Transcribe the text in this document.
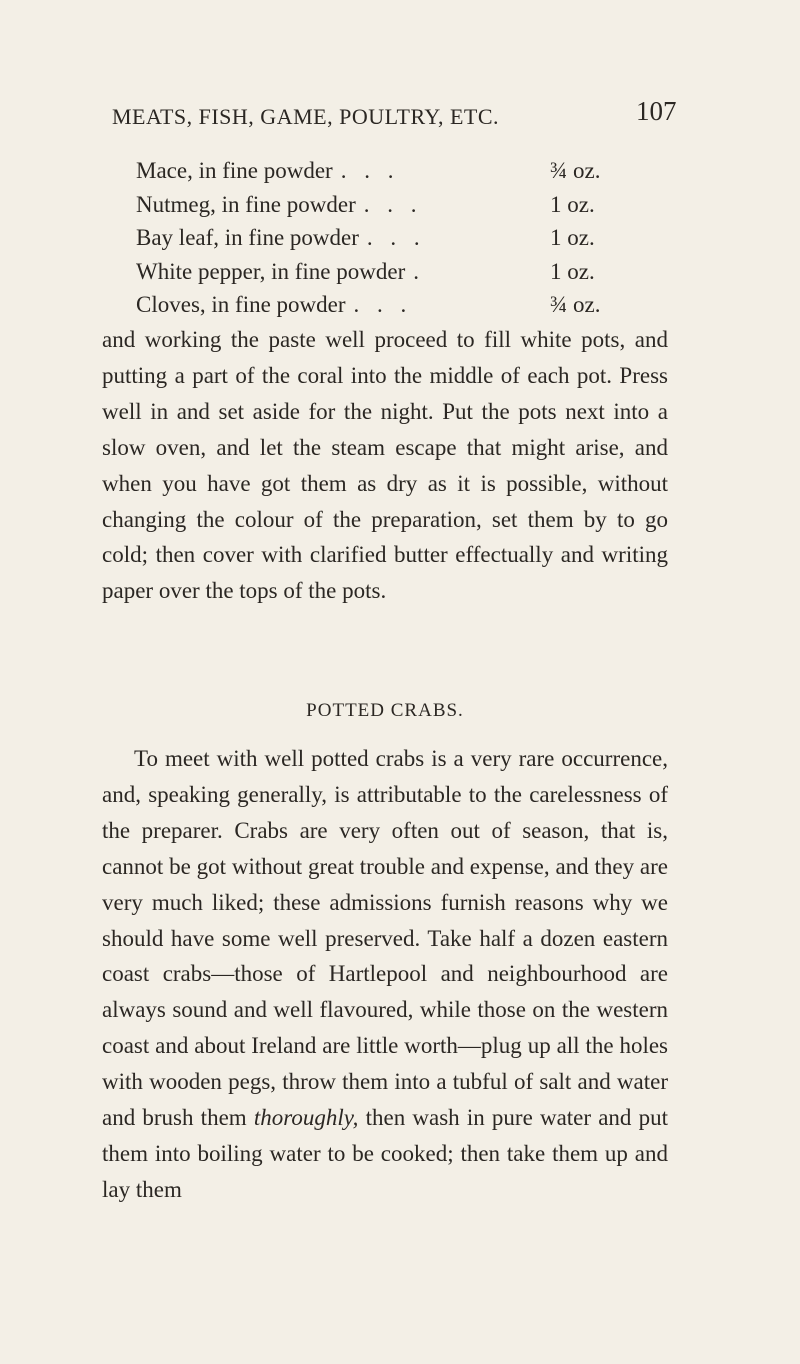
MEATS, FISH, GAME, POULTRY, ETC.	107
Mace, in fine powder . . .	¾ oz.
Nutmeg, in fine powder . . .	1 oz.
Bay leaf, in fine powder . . .	1 oz.
White pepper, in fine powder .	1 oz.
Cloves, in fine powder . . .	¾ oz.

and working the paste well proceed to fill white pots, and putting a part of the coral into the middle of each pot. Press well in and set aside for the night. Put the pots next into a slow oven, and let the steam escape that might arise, and when you have got them as dry as it is possible, without changing the colour of the preparation, set them by to go cold; then cover with clarified butter effectually and writing paper over the tops of the pots.

POTTED CRABS.

To meet with well potted crabs is a very rare occurrence, and, speaking generally, is attributable to the carelessness of the preparer. Crabs are very often out of season, that is, cannot be got without great trouble and expense, and they are very much liked; these admissions furnish reasons why we should have some well preserved. Take half a dozen eastern coast crabs—those of Hartlepool and neighbourhood are always sound and well flavoured, while those on the western coast and about Ireland are little worth—plug up all the holes with wooden pegs, throw them into a tubful of salt and water and brush them thoroughly, then wash in pure water and put them into boiling water to be cooked; then take them up and lay them
